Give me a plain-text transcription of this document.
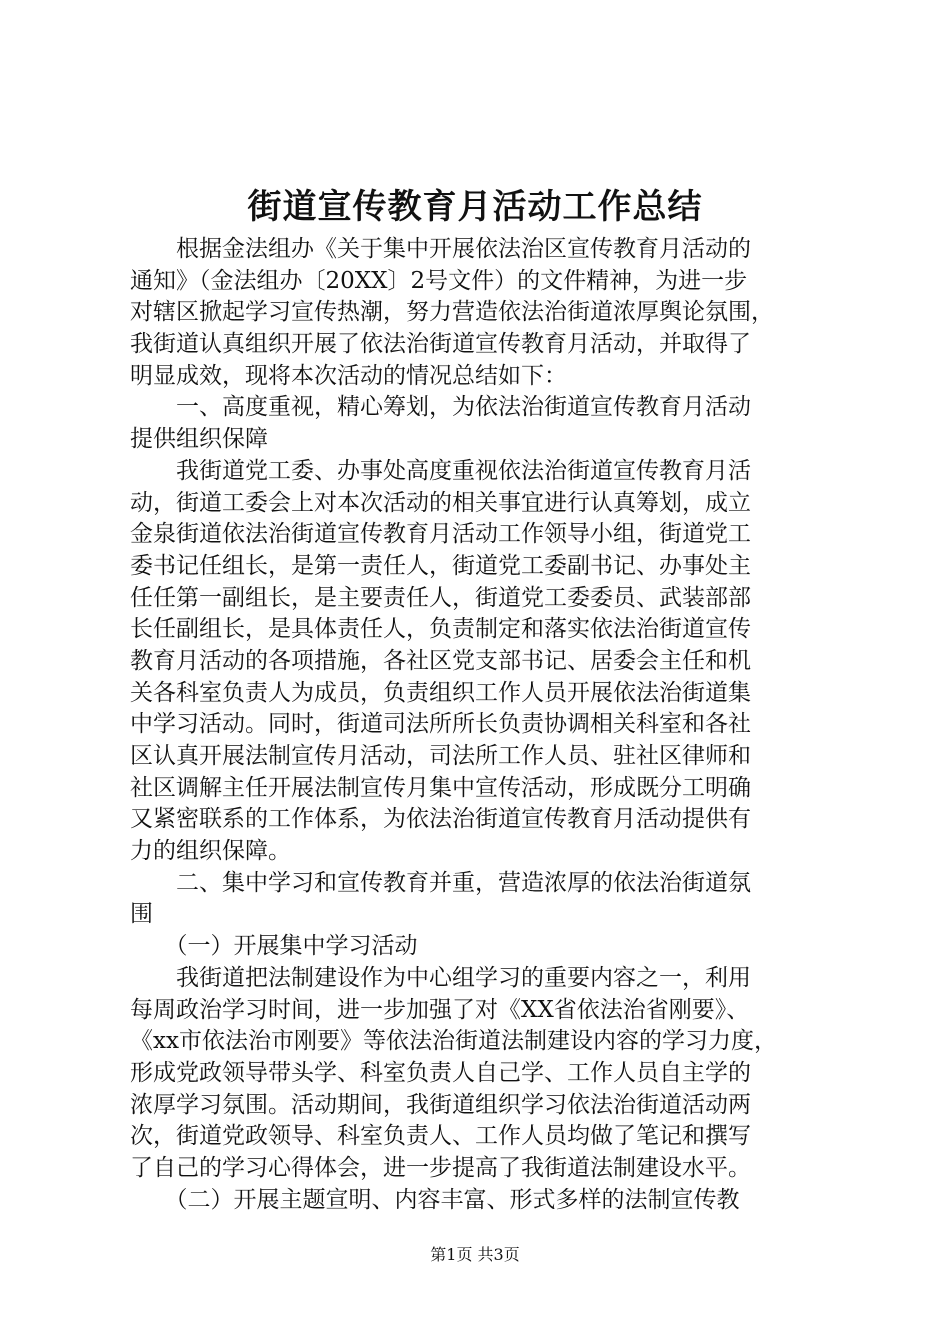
街道宣传教育月活动工作总结
　　根据金法组办《关于集中开展依法治区宣传教育月活动的
通知》（金法组办〔20XX〕2号文件）的文件精神，为进一步
对辖区掀起学习宣传热潮，努力营造依法治街道浓厚舆论氛围，
我街道认真组织开展了依法治街道宣传教育月活动，并取得了
明显成效，现将本次活动的情况总结如下：
　　一、高度重视，精心筹划，为依法治街道宣传教育月活动
提供组织保障
　　我街道党工委、办事处高度重视依法治街道宣传教育月活
动，街道工委会上对本次活动的相关事宜进行认真筹划，成立
金泉街道依法治街道宣传教育月活动工作领导小组，街道党工
委书记任组长，是第一责任人，街道党工委副书记、办事处主
任任第一副组长，是主要责任人，街道党工委委员、武装部部
长任副组长，是具体责任人，负责制定和落实依法治街道宣传
教育月活动的各项措施，各社区党支部书记、居委会主任和机
关各科室负责人为成员，负责组织工作人员开展依法治街道集
中学习活动。同时，街道司法所所长负责协调相关科室和各社
区认真开展法制宣传月活动，司法所工作人员、驻社区律师和
社区调解主任开展法制宣传月集中宣传活动，形成既分工明确
又紧密联系的工作体系，为依法治街道宣传教育月活动提供有
力的组织保障。
　　二、集中学习和宣传教育并重，营造浓厚的依法治街道氛
围
　　（一）开展集中学习活动
　　我街道把法制建设作为中心组学习的重要内容之一，利用
每周政治学习时间，进一步加强了对《XX省依法治省刚要》、
《xx市依法治市刚要》等依法治街道法制建设内容的学习力度，
形成党政领导带头学、科室负责人自己学、工作人员自主学的
浓厚学习氛围。活动期间，我街道组织学习依法治街道活动两
次，街道党政领导、科室负责人、工作人员均做了笔记和撰写
了自己的学习心得体会，进一步提高了我街道法制建设水平。
　　（二）开展主题宣明、内容丰富、形式多样的法制宣传教
第1页 共3页
